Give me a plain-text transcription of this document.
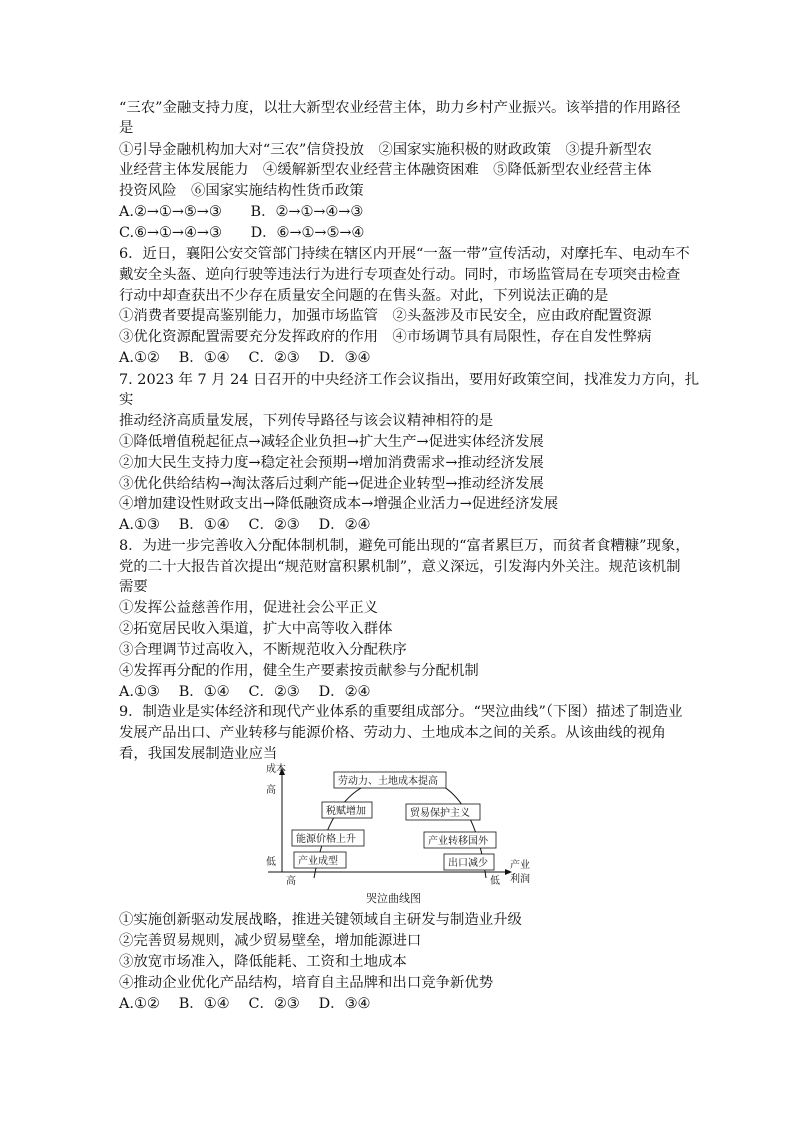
“三农”金融支持力度，以壮大新型农业经营主体，助力乡村产业振兴。该举措的作用路径
是
①引导金融机构加大对“三农”信贷投放　②国家实施积极的财政政策　③提升新型农
业经营主体发展能力　④缓解新型农业经营主体融资困难　⑤降低新型农业经营主体
投资风险　⑥国家实施结构性货币政策
A.②→①→⑤→③　　B．②→①→④→③
C.⑥→①→④→③　　D．⑥→①→⑤→④
6．近日，襄阳公安交管部门持续在辖区内开展“一盔一带”宣传活动，对摩托车、电动车不
戴安全头盔、逆向行驶等违法行为进行专项查处行动。同时，市场监管局在专项突击检查
行动中却查获出不少存在质量安全问题的在售头盔。对此，下列说法正确的是
①消费者要提高鉴别能力，加强市场监管　②头盔涉及市民安全，应由政府配置资源
③优化资源配置需要充分发挥政府的作用　④市场调节具有局限性，存在自发性弊病
A.①②　 B．①④　 C．②③　 D．③④
7. 2023 年 7 月 24 日召开的中央经济工作会议指出，要用好政策空间，找准发力方向，扎
实
推动经济高质量发展，下列传导路径与该会议精神相符的是
①降低增值税起征点→减轻企业负担→扩大生产→促进实体经济发展
②加大民生支持力度→稳定社会预期→增加消费需求→推动经济发展
③优化供给结构→淘汰落后过剩产能→促进企业转型→推动经济发展
④增加建设性财政支出→降低融资成本→增强企业活力→促进经济发展
A.①③　 B．①④　 C．②③　 D．②④
8．为进一步完善收入分配体制机制，避免可能出现的“富者累巨万，而贫者食糟糠”现象，
党的二十大报告首次提出“规范财富积累机制”，意义深远，引发海内外关注。规范该机制
需要
①发挥公益慈善作用，促进社会公平正义
②拓宽居民收入渠道，扩大中高等收入群体
③合理调节过高收入，不断规范收入分配秩序
④发挥再分配的作用，健全生产要素按贡献参与分配机制
A.①③　 B．①④　 C．②③　 D．②④
9．制造业是实体经济和现代产业体系的重要组成部分。“哭泣曲线”（下图）描述了制造业
发展产品出口、产业转移与能源价格、劳动力、土地成本之间的关系。从该曲线的视角
看，我国发展制造业应当
成本
高
低	产业
利润
高	低
劳动力、土地成本提高
税赋增加	贸易保护主义
能源价格上升	产业转移国外
产业成型	出口减少
哭泣曲线图
①实施创新驱动发展战略，推进关键领域自主研发与制造业升级
②完善贸易规则，减少贸易壁垒，增加能源进口
③放宽市场准入，降低能耗、工资和土地成本
④推动企业优化产品结构，培育自主品牌和出口竞争新优势
A.①②　 B．①④　 C．②③　 D．③④
